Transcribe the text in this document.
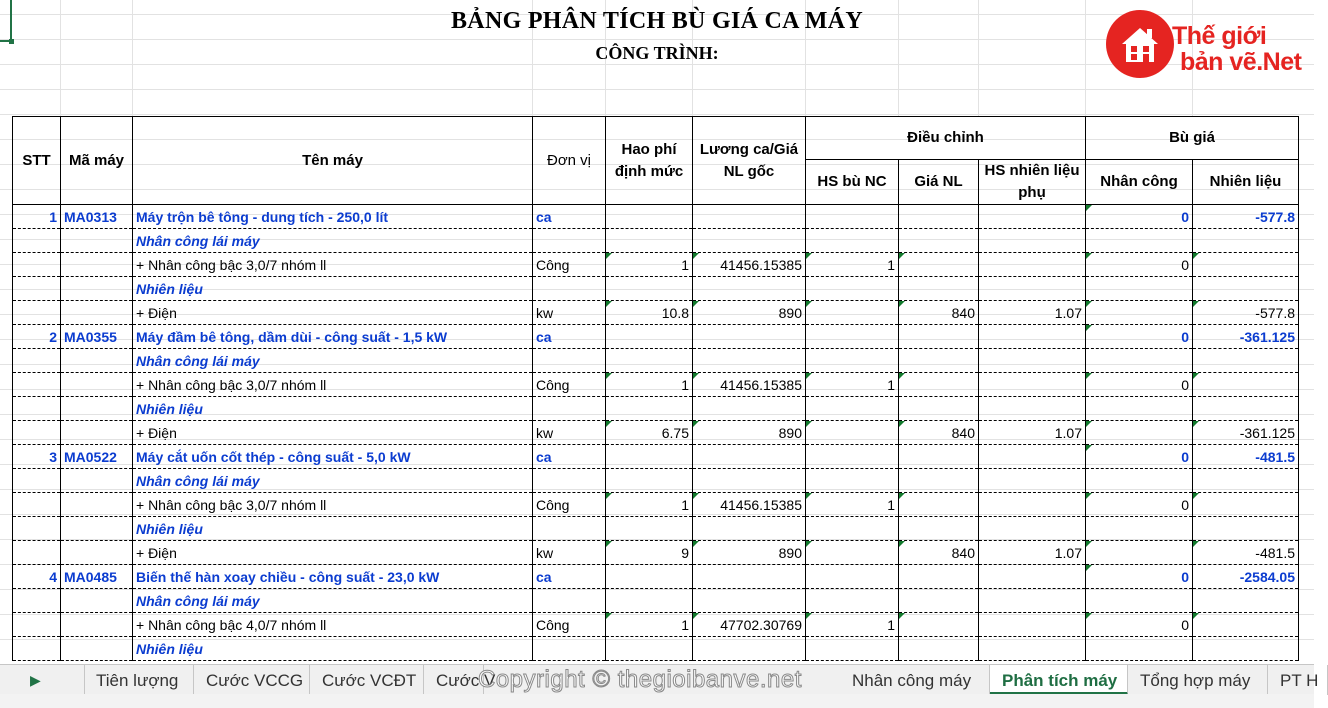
BẢNG PHÂN TÍCH BÙ GIÁ CA MÁY
CÔNG TRÌNH:
Thế giới
bản vẽ.Net
STT	Mã máy	Tên máy	Đơn vị	Hao phí định mức	Lương ca/Giá NL gốc	Điều chỉnh			Bù giá	
						HS bù NC	Giá NL	HS nhiên liệu phụ	Nhân công	Nhiên liệu
1	MA0313	Máy trộn bê tông - dung tích - 250,0 lít	ca						0	-577.8
		Nhân công lái máy								
		+ Nhân công bậc 3,0/7 nhóm ll	Công	1	41456.15385	1			0	
		Nhiên liệu								
		+ Điện	kw	10.8	890		840	1.07		-577.8
2	MA0355	Máy đầm bê tông, dầm dùi - công suất - 1,5 kW	ca						0	-361.125
		Nhân công lái máy								
		+ Nhân công bậc 3,0/7 nhóm ll	Công	1	41456.15385	1			0	
		Nhiên liệu								
		+ Điện	kw	6.75	890		840	1.07		-361.125
3	MA0522	Máy cắt uốn cốt thép - công suất - 5,0 kW	ca						0	-481.5
		Nhân công lái máy								
		+ Nhân công bậc 3,0/7 nhóm ll	Công	1	41456.15385	1			0	
		Nhiên liệu								
		+ Điện	kw	9	890		840	1.07		-481.5
4	MA0485	Biến thế hàn xoay chiều - công suất - 23,0 kW	ca						0	-2584.05
		Nhân công lái máy								
		+ Nhân công bậc 4,0/7 nhóm ll	Công	1	47702.30769	1			0	
		Nhiên liệu								
▶	Tiên lượng	Cước VCCG	Cước VCĐT	Cước V	Nhân công máy	Phân tích máy	Tổng hợp máy	PT H
Copyright © thegioibanve.net
